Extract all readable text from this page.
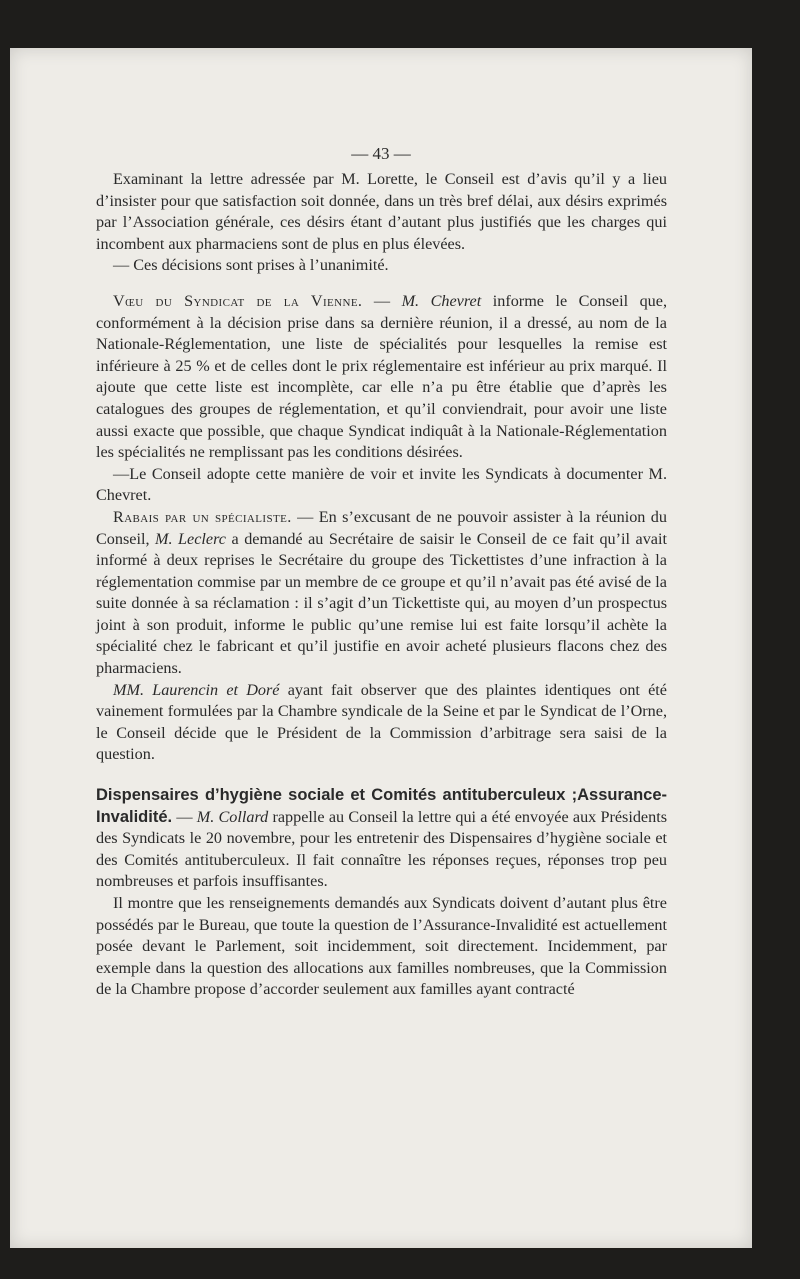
— 43 —

Examinant la lettre adressée par M. Lorette, le Conseil est d’avis qu’il y a lieu d’insister pour que satisfaction soit donnée, dans un très bref délai, aux désirs exprimés par l’Association générale, ces désirs étant d’autant plus justifiés que les charges qui incombent aux pharmaciens sont de plus en plus élevées.

— Ces décisions sont prises à l’unanimité.

Vœu du Syndicat de la Vienne. — M. Chevret informe le Conseil que, conformément à la décision prise dans sa dernière réunion, il a dressé, au nom de la Nationale-Réglementation, une liste de spécialités pour lesquelles la remise est inférieure à 25 % et de celles dont le prix réglementaire est inférieur au prix marqué. Il ajoute que cette liste est incomplète, car elle n’a pu être établie que d’après les catalogues des groupes de réglementation, et qu’il conviendrait, pour avoir une liste aussi exacte que possible, que chaque Syndicat indiquât à la Nationale-Réglementation les spécialités ne remplissant pas les conditions désirées.

—Le Conseil adopte cette manière de voir et invite les Syndicats à documenter M. Chevret.

Rabais par un spécialiste. — En s’excusant de ne pouvoir assister à la réunion du Conseil, M. Leclerc a demandé au Secrétaire de saisir le Conseil de ce fait qu’il avait informé à deux reprises le Secrétaire du groupe des Tickettistes d’une infraction à la réglementation commise par un membre de ce groupe et qu’il n’avait pas été avisé de la suite donnée à sa réclamation : il s’agit d’un Tickettiste qui, au moyen d’un prospectus joint à son produit, informe le public qu’une remise lui est faite lorsqu’il achète la spécialité chez le fabricant et qu’il justifie en avoir acheté plusieurs flacons chez des pharmaciens.

MM. Laurencin et Doré ayant fait observer que des plaintes identiques ont été vainement formulées par la Chambre syndicale de la Seine et par le Syndicat de l’Orne, le Conseil décide que le Président de la Commission d’arbitrage sera saisi de la question.

Dispensaires d’hygiène sociale et Comités antituberculeux ;Assurance-Invalidité. — M. Collard rappelle au Conseil la lettre qui a été envoyée aux Présidents des Syndicats le 20 novembre, pour les entretenir des Dispensaires d’hygiène sociale et des Comités antituberculeux. Il fait connaître les réponses reçues, réponses trop peu nombreuses et parfois insuffisantes.

Il montre que les renseignements demandés aux Syndicats doivent d’autant plus être possédés par le Bureau, que toute la question de l’Assurance-Invalidité est actuellement posée devant le Parlement, soit incidemment, soit directement. Incidemment, par exemple dans la question des allocations aux familles nombreuses, que la Commission de la Chambre propose d’accorder seulement aux familles ayant contracté
